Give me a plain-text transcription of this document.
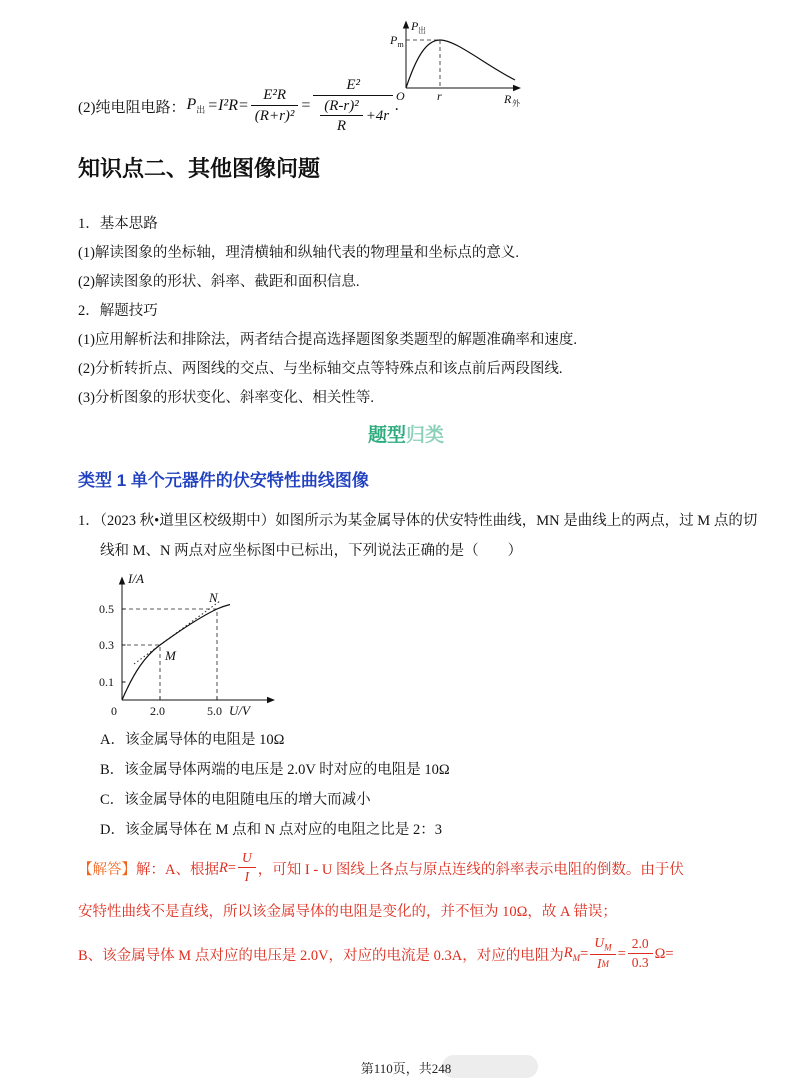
P 出
P m
O	r	R 外
(2)纯电阻电路： $P_出 =I^2R= \frac{\text{E²R}}{\text{(R+r)²}} = \frac{\text{E²}}{\frac{\text{(R-r)²}}{R} +4r}$ .
知识点二、其他图像问题
1．基本思路
(1)解读图象的坐标轴，理清横轴和纵轴代表的物理量和坐标点的意义.
(2)解读图象的形状、斜率、截距和面积信息.
2．解题技巧
(1)应用解析法和排除法，两者结合提高选择题图象类题型的解题准确率和速度.
(2)分析转折点、两图线的交点、与坐标轴交点等特殊点和该点前后两段图线.
(3)分析图象的形状变化、斜率变化、相关性等.
题型归类
类型 1 单个元器件的伏安特性曲线图像
1．（2023 秋•道里区校级期中）如图所示为某金属导体的伏安特性曲线，MN 是曲线上的两点，过 M 点的切线和 M、N 两点对应坐标图中已标出，下列说法正确的是（　　）
I/A
N
M
0.5
0.3
0.1
0	2.0	5.0 U/V
A．该金属导体的电阻是 10Ω
B．该金属导体两端的电压是 2.0V 时对应的电阻是 10Ω
C．该金属导体的电阻随电压的增大而减小
D．该金属导体在 M 点和 N 点对应的电阻之比是 2：3
【解答】 解：A、根据 $R = \frac{U}{I}$ ，可知 I - U 图线上各点与原点连线的斜率表示电阻的倒数。由于伏
安特性曲线不是直线，所以该金属导体的电阻是变化的，并不恒为 10Ω，故 A 错误；
B、该金属导体 M 点对应的电压是 2.0V，对应的电流是 0.3A，对应的电阻为 $R_M = \frac{U_M}{\text{I M}} = \frac{2.0}{0.3} \Omega=$
第110页，共248
